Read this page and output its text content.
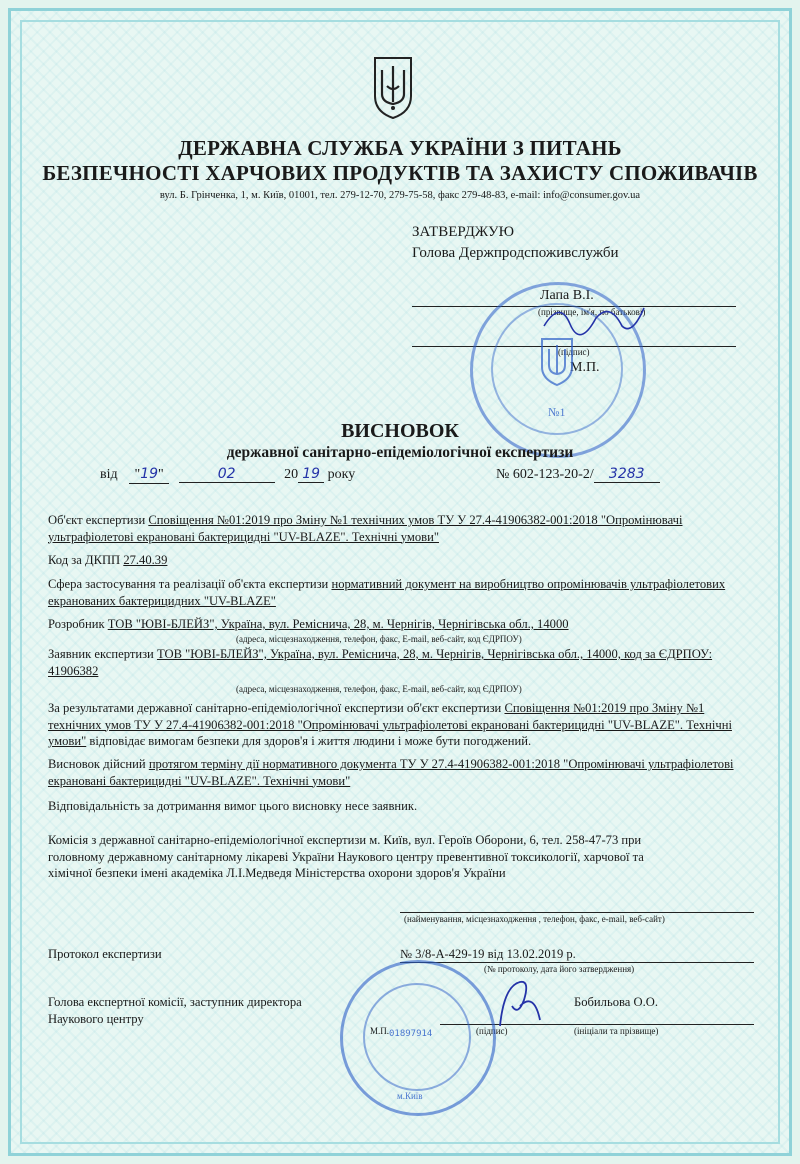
ДЕРЖАВНА СЛУЖБА УКРАЇНИ З ПИТАНЬ
БЕЗПЕЧНОСТІ ХАРЧОВИХ ПРОДУКТІВ ТА ЗАХИСТУ СПОЖИВАЧІВ
вул. Б. Грінченка, 1, м. Київ, 01001, тел. 279-12-70, 279-75-58, факс 279-48-83, e-mail: info@consumer.gov.ua
ЗАТВЕРДЖУЮ
Голова Держпродспоживслужби
Лапа В.І.
(прізвище, ім'я, по батькові)
(підпис)
М.П.
№1
ВИСНОВОК
державної санітарно-епідеміологічної експертизи
від "19"	02	20 19 року	№ 602-123-20-2/ 3283
Об'єкт експертизи Сповіщення №01:2019 про Зміну №1 технічних умов ТУ У 27.4-41906382-001:2018 "Опромінювачі ультрафіолетові екрановані бактерицидні "UV-BLAZE". Технічні умови"
Код за ДКПП 27.40.39
Сфера застосування та реалізації об'єкта експертизи нормативний документ на виробництво опромінювачів ультрафіолетових екранованих бактерицидних "UV-BLAZE"
Розробник ТОВ "ЮВІ-БЛЕЙЗ", Україна, вул. Ремісничa, 28, м. Чернігів, Чернігівська обл., 14000
(адреса, місцезнаходження, телефон, факс, E-mail, веб-сайт, код ЄДРПОУ)
Заявник експертизи ТОВ "ЮВІ-БЛЕЙЗ", Україна, вул. Ремісничa, 28, м. Чернігів, Чернігівська обл., 14000, код за ЄДРПОУ: 41906382
(адреса, місцезнаходження, телефон, факс, E-mail, веб-сайт, код ЄДРПОУ)
За результатами державної санітарно-епідеміологічної експертизи об'єкт експертизи Сповіщення №01:2019 про Зміну №1 технічних умов ТУ У 27.4-41906382-001:2018 "Опромінювачі ультрафіолетові екрановані бактерицидні "UV-BLAZE". Технічні умови" відповідає вимогам безпеки для здоров'я і життя людини і може бути погоджений.
Висновок дійсний протягом терміну дії нормативного документа ТУ У 27.4-41906382-001:2018 "Опромінювачі ультрафіолетові екрановані бактерицидні "UV-BLAZE". Технічні умови"
Відповідальність за дотримання вимог цього висновку несе заявник.
Комісія з державної санітарно-епідеміологічної експертизи м. Київ, вул. Героїв Оборони, 6, тел. 258-47-73 при головному державному санітарному лікареві України Наукового центру превентивної токсикології, харчової та хімічної безпеки імені академіка Л.І.Медведя Міністерства охорони здоров'я України
(найменування, місцезнаходження , телефон, факс, e-mail, веб-сайт)
Протокол експертизи	№ 3/8-А-429-19 від 13.02.2019 р.
(№ протоколу, дата його затвердження)
Голова експертної комісії, заступник директора Наукового центру
Бобильова О.О.
М.П.	(підпис)	(ініціали та прізвище)
01897914
м.Київ
